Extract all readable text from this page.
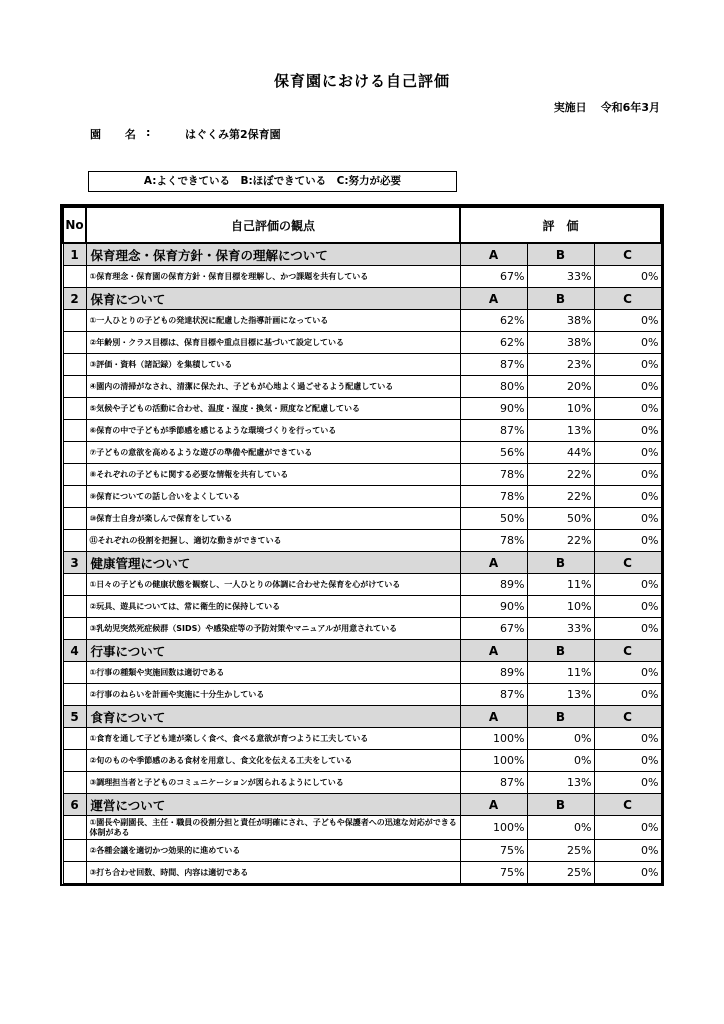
保育園における自己評価
実施日 令和6年3月
園 名 :	はぐくみ第2保育園
A:よくできている　B:ほぼできている　C:努力が必要
No	自己評価の観点	評　価		
1	保育理念・保育方針・保育の理解について	A	B	C
	①保育理念・保育園の保育方針・保育目標を理解し、かつ課題を共有している	67%	33%	0%
2	保育について	A	B	C
	①一人ひとりの子どもの発達状況に配慮した指導計画になっている	62%	38%	0%
	②年齢別・クラス目標は、保育目標や重点目標に基づいて設定している	62%	38%	0%
	③評価・資料（諸記録）を集積している	87%	23%	0%
	④園内の清掃がなされ、清潔に保たれ、子どもが心地よく過ごせるよう配慮している	80%	20%	0%
	⑤気候や子どもの活動に合わせ、温度・湿度・換気・照度など配慮している	90%	10%	0%
	⑥保育の中で子どもが季節感を感じるような環境づくりを行っている	87%	13%	0%
	⑦子どもの意欲を高めるような遊びの準備や配慮ができている	56%	44%	0%
	⑧それぞれの子どもに関する必要な情報を共有している	78%	22%	0%
	⑨保育についての話し合いをよくしている	78%	22%	0%
	⑩保育士自身が楽しんで保育をしている	50%	50%	0%
	⑪それぞれの役割を把握し、適切な動きができている	78%	22%	0%
3	健康管理について	A	B	C
	①日々の子どもの健康状態を観察し、一人ひとりの体調に合わせた保育を心がけている	89%	11%	0%
	②玩具、遊具については、常に衛生的に保持している	90%	10%	0%
	③乳幼児突然死症候群（SIDS）や感染症等の予防対策やマニュアルが用意されている	67%	33%	0%
4	行事について	A	B	C
	①行事の種類や実施回数は適切である	89%	11%	0%
	②行事のねらいを計画や実施に十分生かしている	87%	13%	0%
5	食育について	A	B	C
	①食育を通して子ども達が楽しく食べ、食べる意欲が育つように工夫している	100%	0%	0%
	②旬のものや季節感のある食材を用意し、食文化を伝える工夫をしている	100%	0%	0%
	③調理担当者と子どものコミュニケーションが図られるようにしている	87%	13%	0%
6	運営について	A	B	C
	①園長や副園長、主任・職員の役割分担と責任が明確にされ、子どもや保護者への迅速な対応ができる体制がある	100%	0%	0%
	②各種会議を適切かつ効果的に進めている	75%	25%	0%
	③打ち合わせ回数、時間、内容は適切である	75%	25%	0%
